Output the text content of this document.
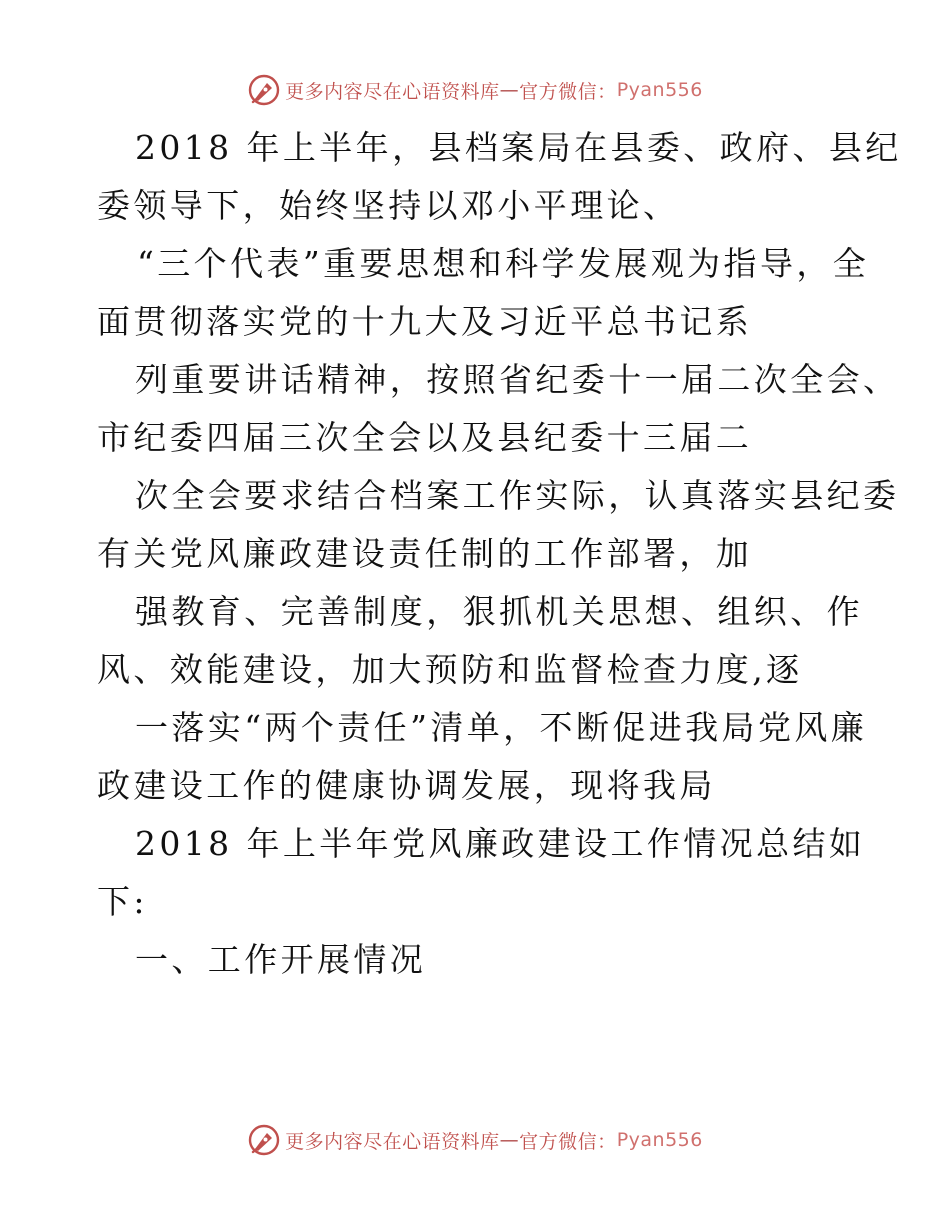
更多内容尽在心语资料库 — 官方微信： Pyan556
2018 年上半年，县档案局在县委、政府、县纪
委领导下，始终坚持以邓小平理论、
“三个代表”重要思想和科学发展观为指导，全
面贯彻落实党的十九大及习近平总书记系
列重要讲话精神，按照省纪委十一届二次全会、
市纪委四届三次全会以及县纪委十三届二
次全会要求结合档案工作实际，认真落实县纪委
有关党风廉政建设责任制的工作部署，加
强教育、完善制度，狠抓机关思想、组织、作
风、效能建设，加大预防和监督检查力度,逐
一落实“两个责任”清单，不断促进我局党风廉
政建设工作的健康协调发展，现将我局
2018 年上半年党风廉政建设工作情况总结如
下:
一、工作开展情况
更多内容尽在心语资料库 — 官方微信： Pyan556
